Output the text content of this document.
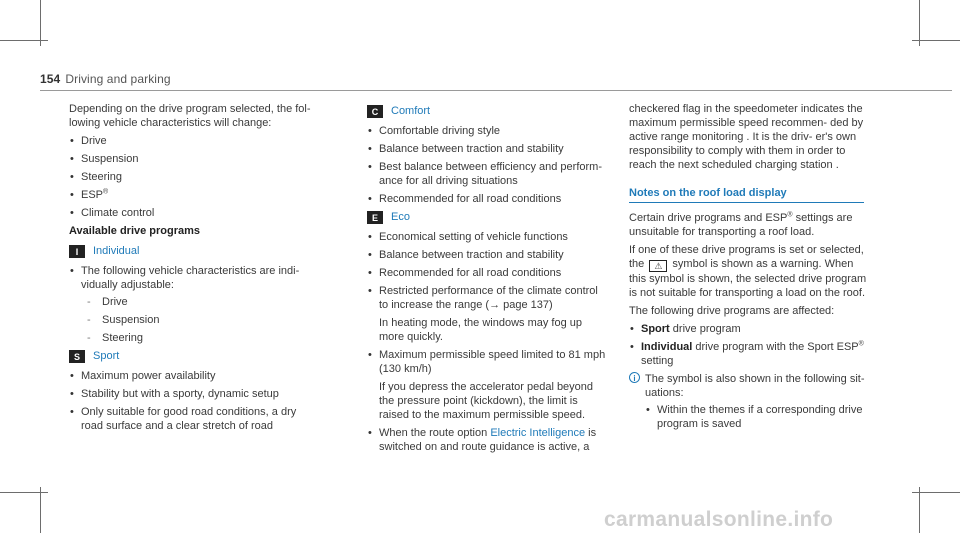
154 Driving and parking

Depending on the drive program selected, the fol- lowing vehicle characteristics will change:

• Drive
• Suspension
• Steering
• ESP®
• Climate control
Available drive programs
I	Individual
• The following vehicle characteristics are indi- vidually adjustable:
- Drive
- Suspension
- Steering
S	Sport
• Maximum power availability
• Stability but with a sporty, dynamic setup
• Only suitable for good road conditions, a dry road surface and a clear stretch of road
C	Comfort
• Comfortable driving style
• Balance between traction and stability
• Best balance between efficiency and perform- ance for all driving situations
• Recommended for all road conditions
E	Eco
• Economical setting of vehicle functions
• Balance between traction and stability
• Recommended for all road conditions
• Restricted performance of the climate control to increase the range (→ page 137)

In heating mode, the windows may fog up more quickly.

• Maximum permissible speed limited to 81 mph (130 km/h)

If you depress the accelerator pedal beyond the pressure point (kickdown), the limit is raised to the maximum permissible speed.

• When the route option Electric Intelligence is switched on and route guidance is active, a

checkered flag in the speedometer indicates the maximum permissible speed recommen- ded by active range monitoring . It is the driv- er's own responsibility to comply with them in order to reach the next scheduled charging station .

Notes on the roof load display

Certain drive programs and ESP® settings are unsuitable for transporting a roof load.

If one of these drive programs is set or selected, the ⚠ symbol is shown as a warning. When this symbol is shown, the selected drive program is not suitable for transporting a load on the roof.

The following drive programs are affected:

• Sport drive program
• Individual drive program with the Sport ESP® setting
i The symbol is also shown in the following sit- uations:
• Within the themes if a corresponding drive program is saved
carmanualsonline.info
